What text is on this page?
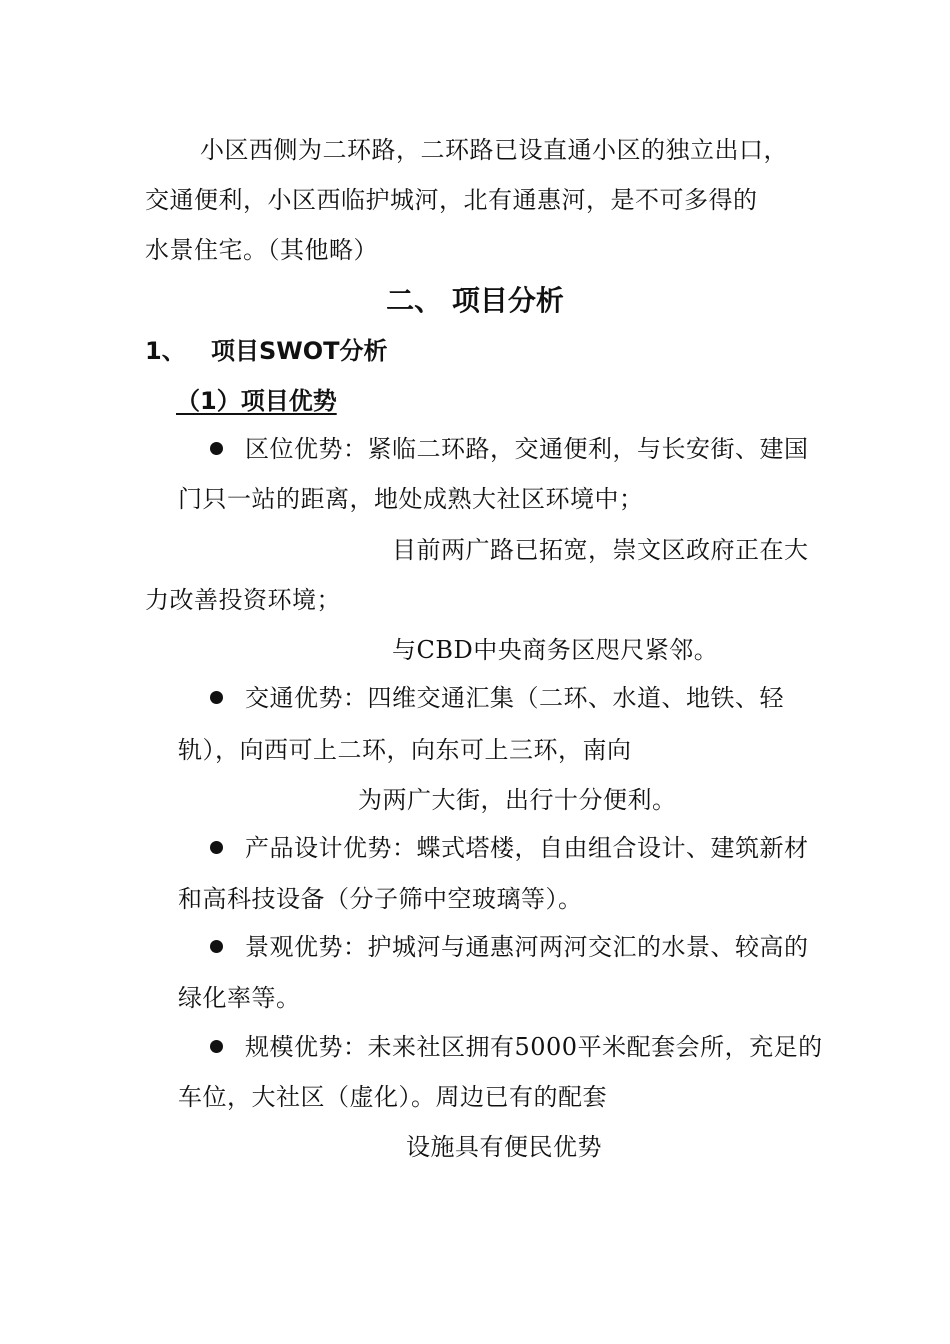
小区西侧为二环路，二环路已设直通小区的独立出口，
交通便利，小区西临护城河，北有通惠河，是不可多得的
水景住宅。（其他略）
二、 项目分析
1、 项目SWOT分析
（1）项目优势
区位优势：紧临二环路，交通便利，与长安街、建国
门只一站的距离，地处成熟大社区环境中；
目前两广路已拓宽，崇文区政府正在大
力改善投资环境；
与CBD中央商务区咫尺紧邻。
交通优势：四维交通汇集（二环、水道、地铁、轻
轨），向西可上二环，向东可上三环，南向
为两广大街，出行十分便利。
产品设计优势：蝶式塔楼，自由组合设计、建筑新材
和高科技设备（分子筛中空玻璃等）。
景观优势：护城河与通惠河两河交汇的水景、较高的
绿化率等。
规模优势：未来社区拥有5000平米配套会所，充足的
车位，大社区（虚化）。周边已有的配套
设施具有便民优势
